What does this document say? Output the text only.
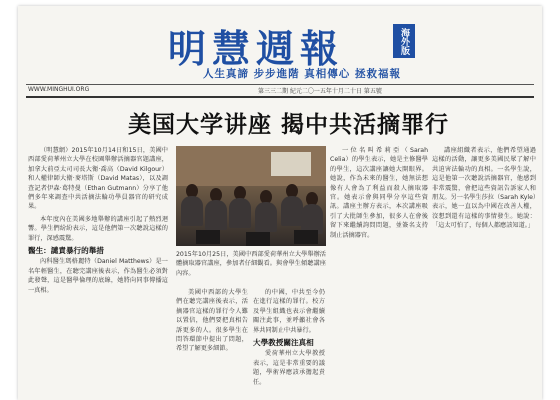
明慧週報	海外版
人生真諦 步步進階 真相傳心 拯救福報
WWW.MINGHUI.ORG	第三三二期 紀元二〇一五年十月二十日 第五號
美国大学讲座 揭中共活摘罪行

（明慧網）2015年10月14日和15日，美國中西部愛荷華州立大學在校園舉辦活摘器官題講座，加拿大前亞太司司長大衛‧喬高（David Kilgour）和人權律師大衛‧麥塔斯（David Matas），以及調查記者伊森‧葛特曼（Ethan Gutmann）分享了他們多年來調查中共活摘法輪功學員器官的研究成果。

本年度內在美國多地舉辦的講座引起了熱烈迴響。學生們紛紛表示，這是他們第一次聽說這樣的罪行，深感震驚。

醫生：譴責暴行的舉措

內科醫生瑪格麗特（Daniel Matthews）是一名年輕醫生，在聽完講座後表示，作為醫生必須對此發聲，這是醫學倫理的底線，她將向同事傳播這一真相。

2015年10月25日，美國中西部愛荷華州立大學舉辦活體摘取器官講座，參加者仔細觀看。與會學生傾聽講座內容。

美國中西部的大學生們在聽完講座後表示，活摘器官這樣的罪行令人難以置信，他們要把真相告訴更多的人。很多學生在問答環節中提出了問題，希望了解更多細節。

的中國，中共至今仍在進行這樣的罪行。校方及學生組織也表示會繼續關注此事，並呼籲社會各界共同制止中共暴行。

大學教授關注真相

愛荷華州立大學教授表示，這是非常重要的議題，學術界應該承擔起責任。

一位名叫希莉亞（Sarah Celia）的學生表示，她是主修醫學的學生，這次講座讓她大開眼界。她說，作為未來的醫生，她無法想像有人會為了利益而殺人摘取器官。她表示會與同學分享這些資訊。講座主辦方表示，本次講座吸引了大批師生參加，很多人在會後留下來繼續詢問問題，並簽名支持制止活摘器官。

講座組織者表示，他們希望通過這樣的活動，讓更多美國民眾了解中共迫害法輪功的真相。一名學生說，這是他第一次聽說活摘器官，他感到非常震驚，會把這些資訊告訴家人和朋友。另一名學生莎拉（Sarah Kyle）表示，她一直以為中國在改善人權，沒想到還有這樣的事情發生。她說：「這太可怕了，每個人都應該知道。」
